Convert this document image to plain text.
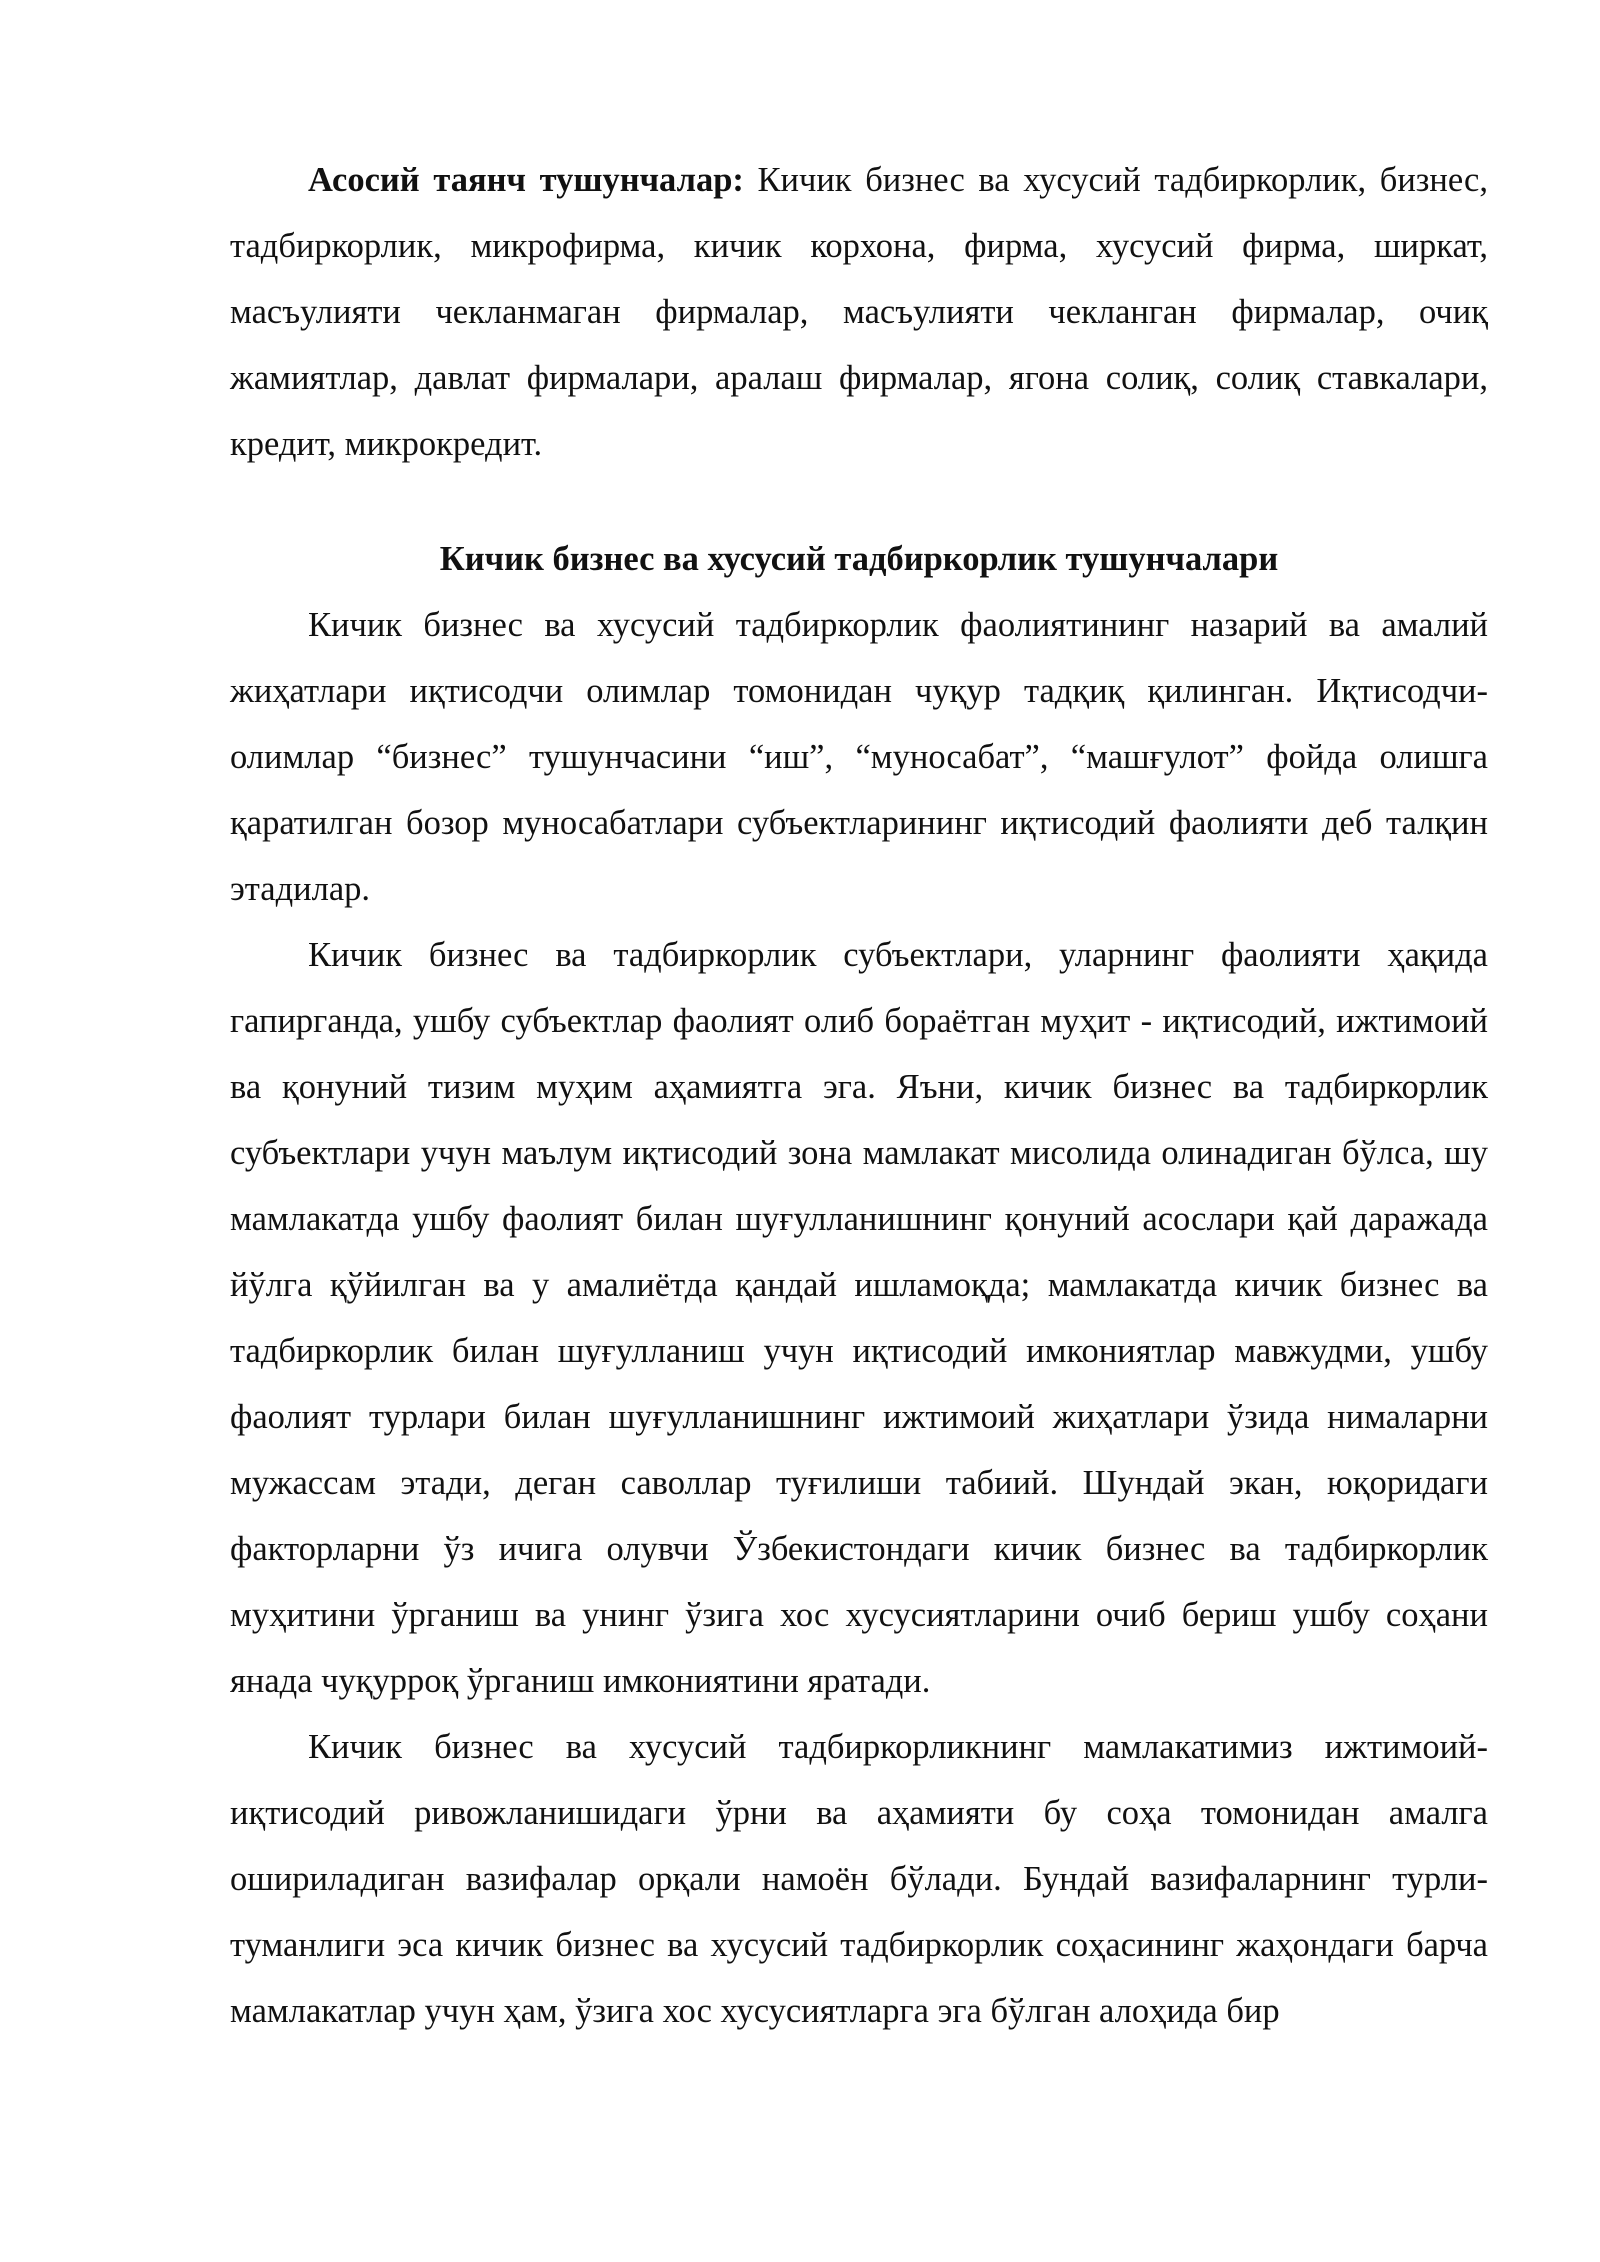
Асосий таянч тушунчалар: Кичик бизнес ва хусусий тадбиркорлик, бизнес, тадбиркорлик, микрофирма, кичик корхона, фирма, хусусий фирма, ширкат, масъулияти чекланмаган фирмалар, масъулияти чекланган фирмалар, очиқ жамиятлар, давлат фирмалари, аралаш фирмалар, ягона солиқ, солиқ ставкалари, кредит, микрокредит.

Кичик бизнес ва хусусий тадбиркорлик тушунчалари

Кичик бизнес ва хусусий тадбиркорлик фаолиятининг назарий ва амалий жиҳатлари иқтисодчи олимлар томонидан чуқур тадқиқ қилинган. Иқтисодчи-олимлар “бизнес” тушунчасини “иш”, “муносабат”, “машғулот” фойда олишга қаратилган бозор муносабатлари субъектларининг иқтисодий фаолияти деб талқин этадилар.

Кичик бизнес ва тадбиркорлик субъектлари, уларнинг фаолияти ҳақида гапирганда, ушбу субъектлар фаолият олиб бораётган муҳит - иқтисодий, ижтимоий ва қонуний тизим муҳим аҳамиятга эга. Яъни, кичик бизнес ва тадбиркорлик субъектлари учун маълум иқтисодий зона мамлакат мисолида олинадиган бўлса, шу мамлакатда ушбу фаолият билан шуғулланишнинг қонуний асослари қай даражада йўлга қўйилган ва у амалиётда қандай ишламоқда; мамлакатда кичик бизнес ва тадбиркорлик билан шуғулланиш учун иқтисодий имкониятлар мавжудми, ушбу фаолият турлари билан шуғулланишнинг ижтимоий жиҳатлари ўзида нималарни мужассам этади, деган саволлар туғилиши табиий. Шундай экан, юқоридаги факторларни ўз ичига олувчи Ўзбекистондаги кичик бизнес ва тадбиркорлик муҳитини ўрганиш ва унинг ўзига хос хусусиятларини очиб бериш ушбу соҳани янада чуқурроқ ўрганиш имкониятини яратади.

Кичик бизнес ва хусусий тадбиркорликнинг мамлакатимиз ижтимоий-иқтисодий ривожланишидаги ўрни ва аҳамияти бу соҳа томонидан амалга ошириладиган вазифалар орқали намоён бўлади. Бундай вазифаларнинг турли-туманлиги эса кичик бизнес ва хусусий тадбиркорлик соҳасининг жаҳондаги барча мамлакатлар учун ҳам, ўзига хос хусусиятларга эга бўлган алоҳида бир
